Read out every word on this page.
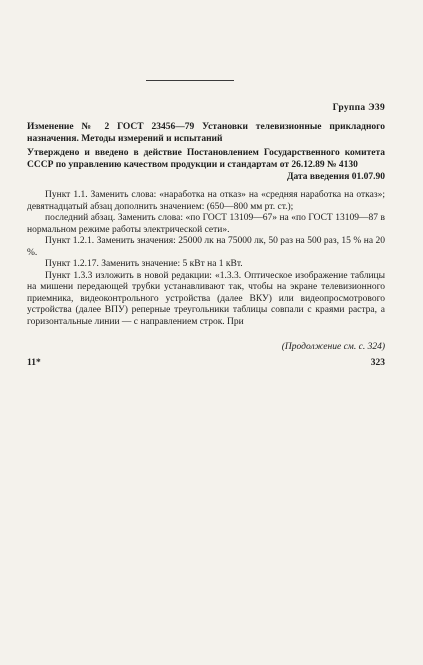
Группа Э39
Изменение № 2 ГОСТ 23456—79 Установки телевизионные прикладного назначения. Методы измерений и испытаний
Утверждено и введено в действие Постановлением Государственного комитета СССР по управлению качеством продукции и стандартам от 26.12.89 № 4130
Дата введения 01.07.90

Пункт 1.1. Заменить слова: «наработка на отказ» на «средняя наработка на отказ»; девятнадцатый абзац дополнить значением: (650—800 мм рт. ст.);

последний абзац. Заменить слова: «по ГОСТ 13109—67» на «по ГОСТ 13109—87 в нормальном режиме работы электрической сети».

Пункт 1.2.1. Заменить значения: 25000 лк на 75000 лк, 50 раз на 500 раз, 15 % на 20 %.

Пункт 1.2.17. Заменить значение: 5 кВт на 1 кВт.

Пункт 1.3.3 изложить в новой редакции: «1.3.3. Оптическое изображение таблицы на мишени передающей трубки устанавливают так, чтобы на экране телевизионного приемника, видеоконтрольного устройства (далее ВКУ) или видеопросмотрового устройства (далее ВПУ) реперные треугольники таблицы совпали с краями растра, а горизонтальные линии — с направлением строк. При

(Продолжение см. с. 324)
11*	323
